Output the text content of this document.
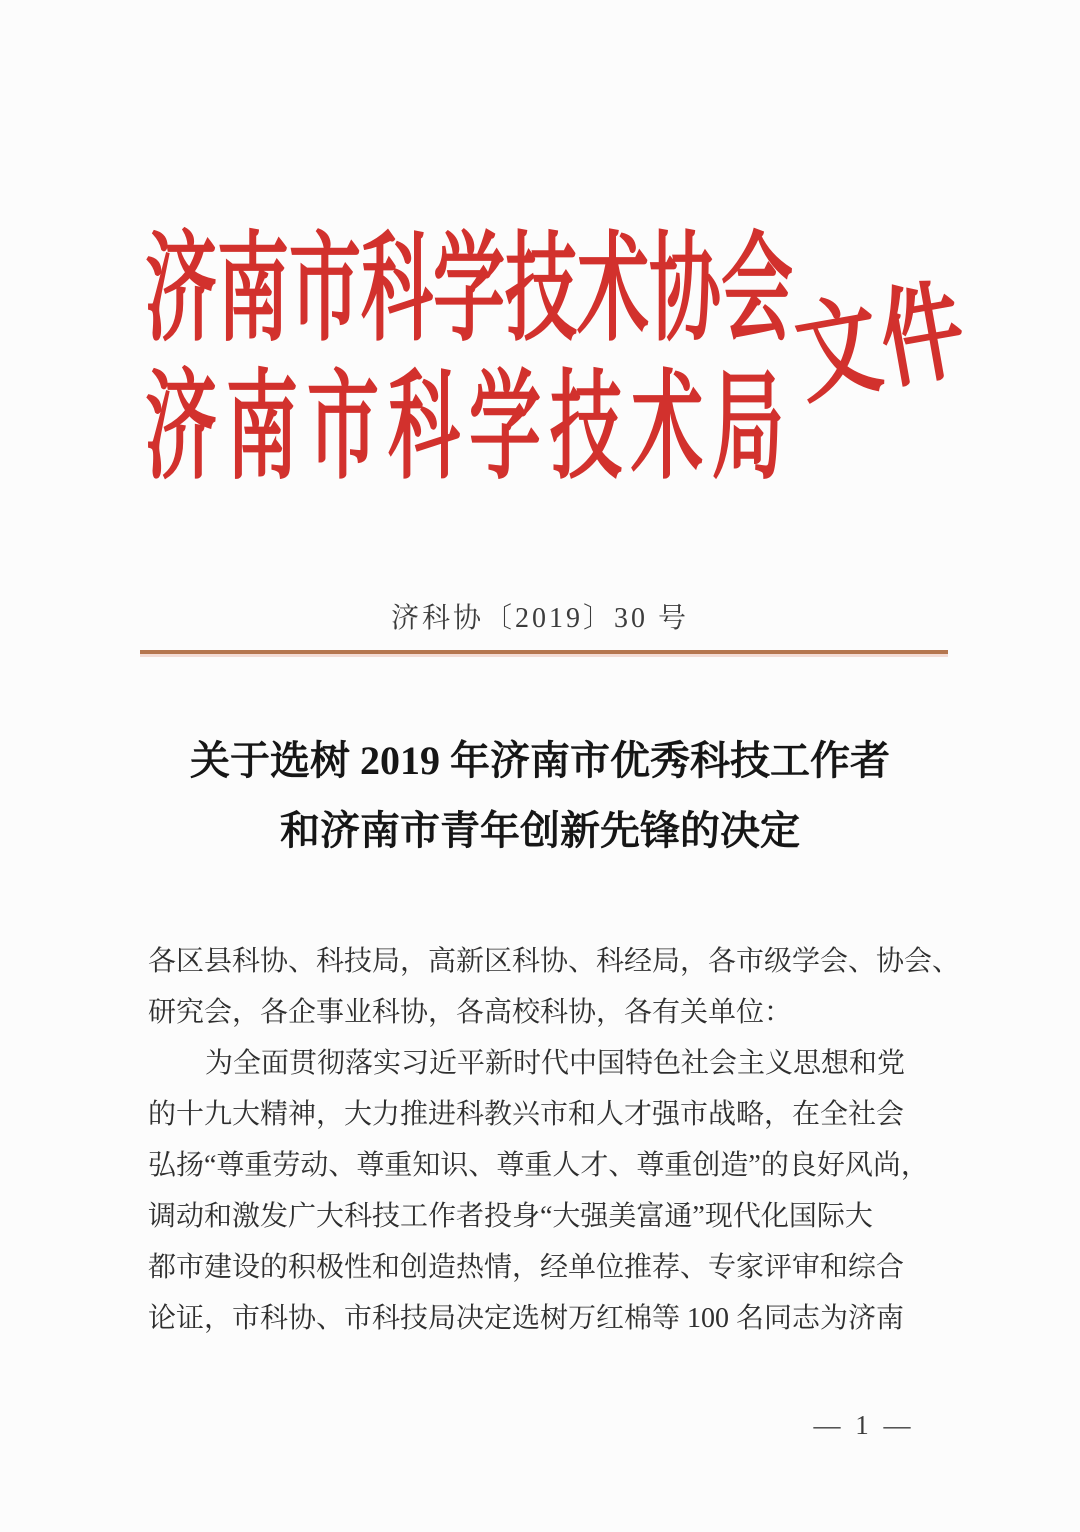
济南市科学技术协会
济南市科学技术局
文件
济科协〔2019〕30 号
关于选树 2019 年济南市优秀科技工作者
和济南市青年创新先锋的决定
各区县科协、科技局，高新区科协、科经局，各市级学会、协会、
研究会，各企事业科协，各高校科协，各有关单位：
为全面贯彻落实习近平新时代中国特色社会主义思想和党
的十九大精神，大力推进科教兴市和人才强市战略，在全社会
弘扬“尊重劳动、尊重知识、尊重人才、尊重创造”的良好风尚，
调动和激发广大科技工作者投身“大强美富通”现代化国际大
都市建设的积极性和创造热情，经单位推荐、专家评审和综合
论证，市科协、市科技局决定选树万红棉等 100 名同志为济南
— 1 —
